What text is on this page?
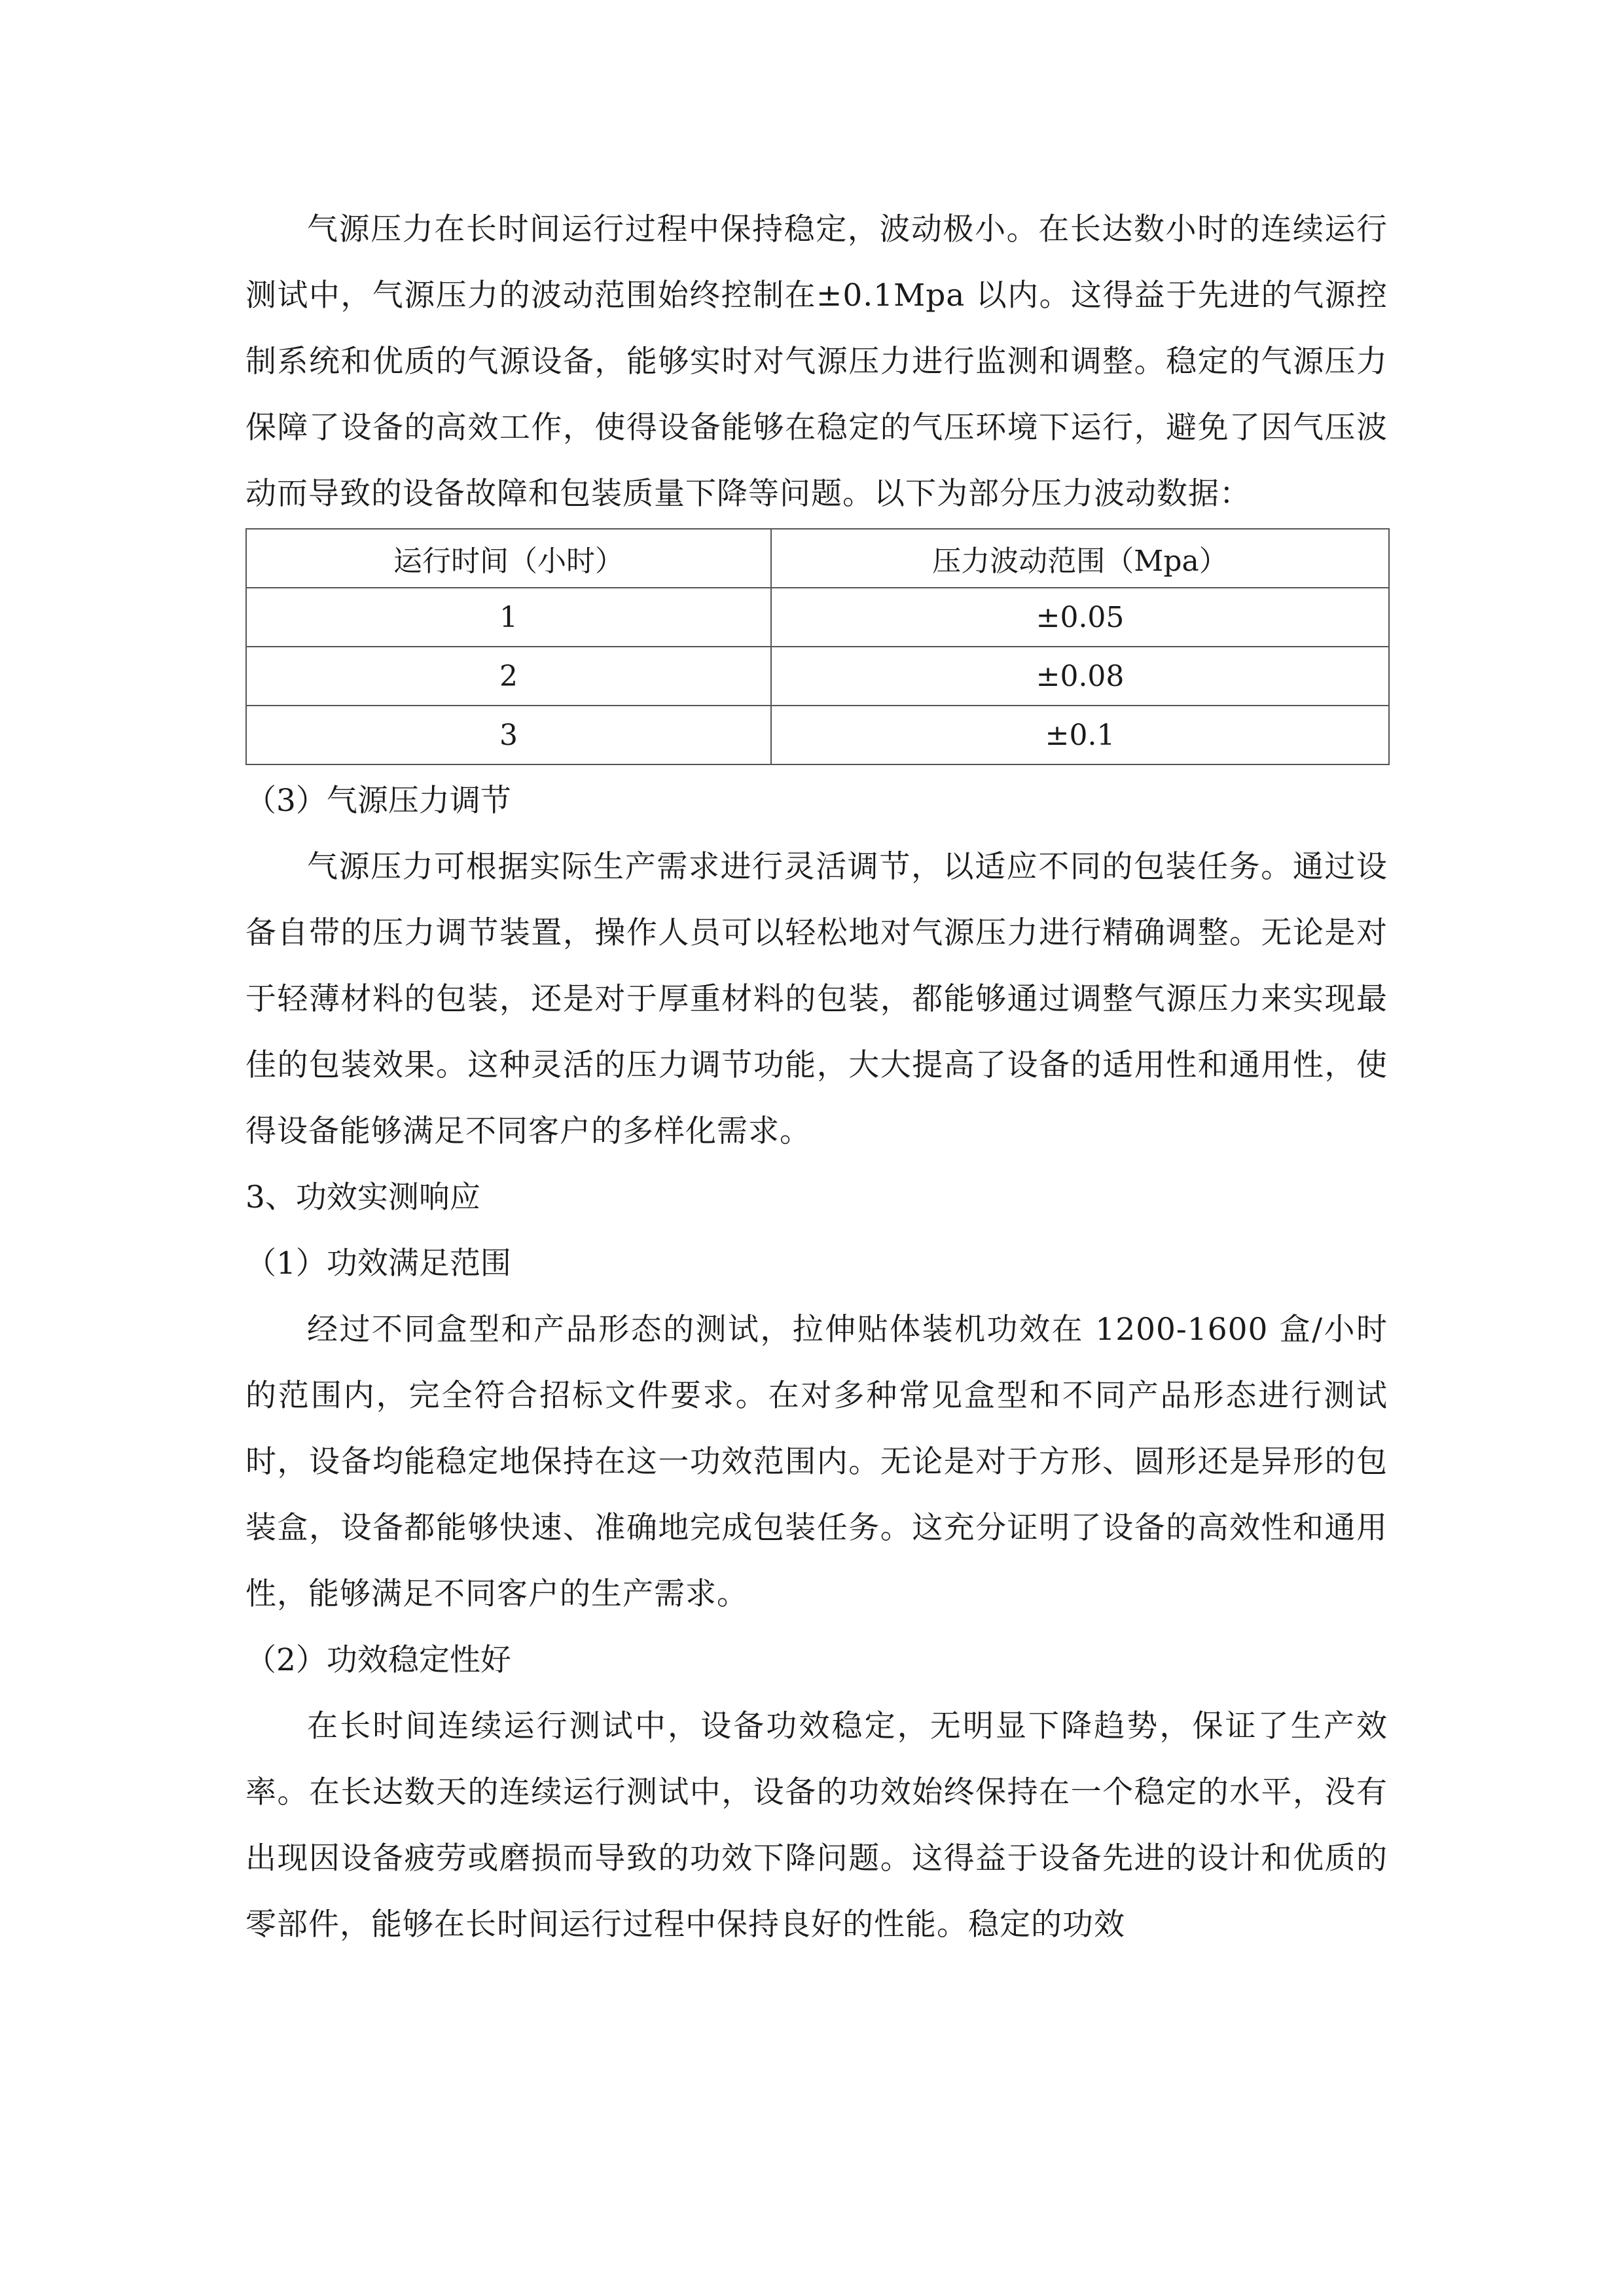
气源压力在长时间运行过程中保持稳定，波动极小。在长达数小时的连续运行测试中，气源压力的波动范围始终控制在±0.1Mpa 以内。这得益于先进的气源控制系统和优质的气源设备，能够实时对气源压力进行监测和调整。稳定的气源压力保障了设备的高效工作，使得设备能够在稳定的气压环境下运行，避免了因气压波动而导致的设备故障和包装质量下降等问题。以下为部分压力波动数据：

运行时间（小时）	压力波动范围（Mpa）
1	±0.05
2	±0.08
3	±0.1

（3）气源压力调节

气源压力可根据实际生产需求进行灵活调节，以适应不同的包装任务。通过设备自带的压力调节装置，操作人员可以轻松地对气源压力进行精确调整。无论是对于轻薄材料的包装，还是对于厚重材料的包装，都能够通过调整气源压力来实现最佳的包装效果。这种灵活的压力调节功能，大大提高了设备的适用性和通用性，使得设备能够满足不同客户的多样化需求。

3、功效实测响应

（1）功效满足范围

经过不同盒型和产品形态的测试，拉伸贴体装机功效在 1200-1600 盒/小时的范围内，完全符合招标文件要求。在对多种常见盒型和不同产品形态进行测试时，设备均能稳定地保持在这一功效范围内。无论是对于方形、圆形还是异形的包装盒，设备都能够快速、准确地完成包装任务。这充分证明了设备的高效性和通用性，能够满足不同客户的生产需求。

（2）功效稳定性好

在长时间连续运行测试中，设备功效稳定，无明显下降趋势，保证了生产效率。在长达数天的连续运行测试中，设备的功效始终保持在一个稳定的水平，没有出现因设备疲劳或磨损而导致的功效下降问题。这得益于设备先进的设计和优质的零部件，能够在长时间运行过程中保持良好的性能。稳定的功效
